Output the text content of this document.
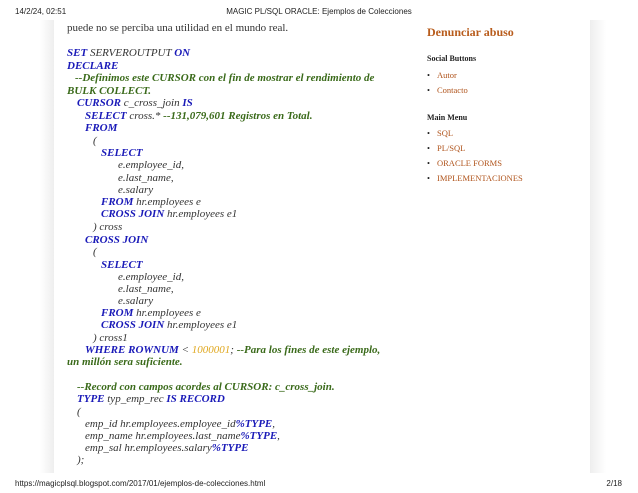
14/2/24, 02:51	MAGIC PL/SQL ORACLE: Ejemplos de Colecciones
puede no se perciba una utilidad en el mundo real.
SET SERVEROUTPUT ON
DECLARE
--Definimos este CURSOR con el fin de mostrar el rendimiento de
BULK COLLECT.
CURSOR c_cross_join IS
SELECT cross.* --131,079,601 Registros en Total.
FROM
(
SELECT
e.employee_id,
e.last_name,
e.salary
FROM hr.employees e
CROSS JOIN hr.employees e1
) cross
CROSS JOIN
(
SELECT
e.employee_id,
e.last_name,
e.salary
FROM hr.employees e
CROSS JOIN hr.employees e1
) cross1
WHERE ROWNUM < 1000001; --Para los fines de este ejemplo,
un millón sera suficiente.
--Record con campos acordes al CURSOR: c_cross_join.
TYPE typ_emp_rec IS RECORD
(
emp_id hr.employees.employee_id%TYPE,
emp_name hr.employees.last_name%TYPE,
emp_sal hr.employees.salary%TYPE
);
Denunciar abuso
Social Buttons
• Autor
• Contacto
Main Menu
• SQL
• PL/SQL
• ORACLE FORMS
• IMPLEMENTACIONES
https://magicplsql.blogspot.com/2017/01/ejemplos-de-colecciones.html	2/18
